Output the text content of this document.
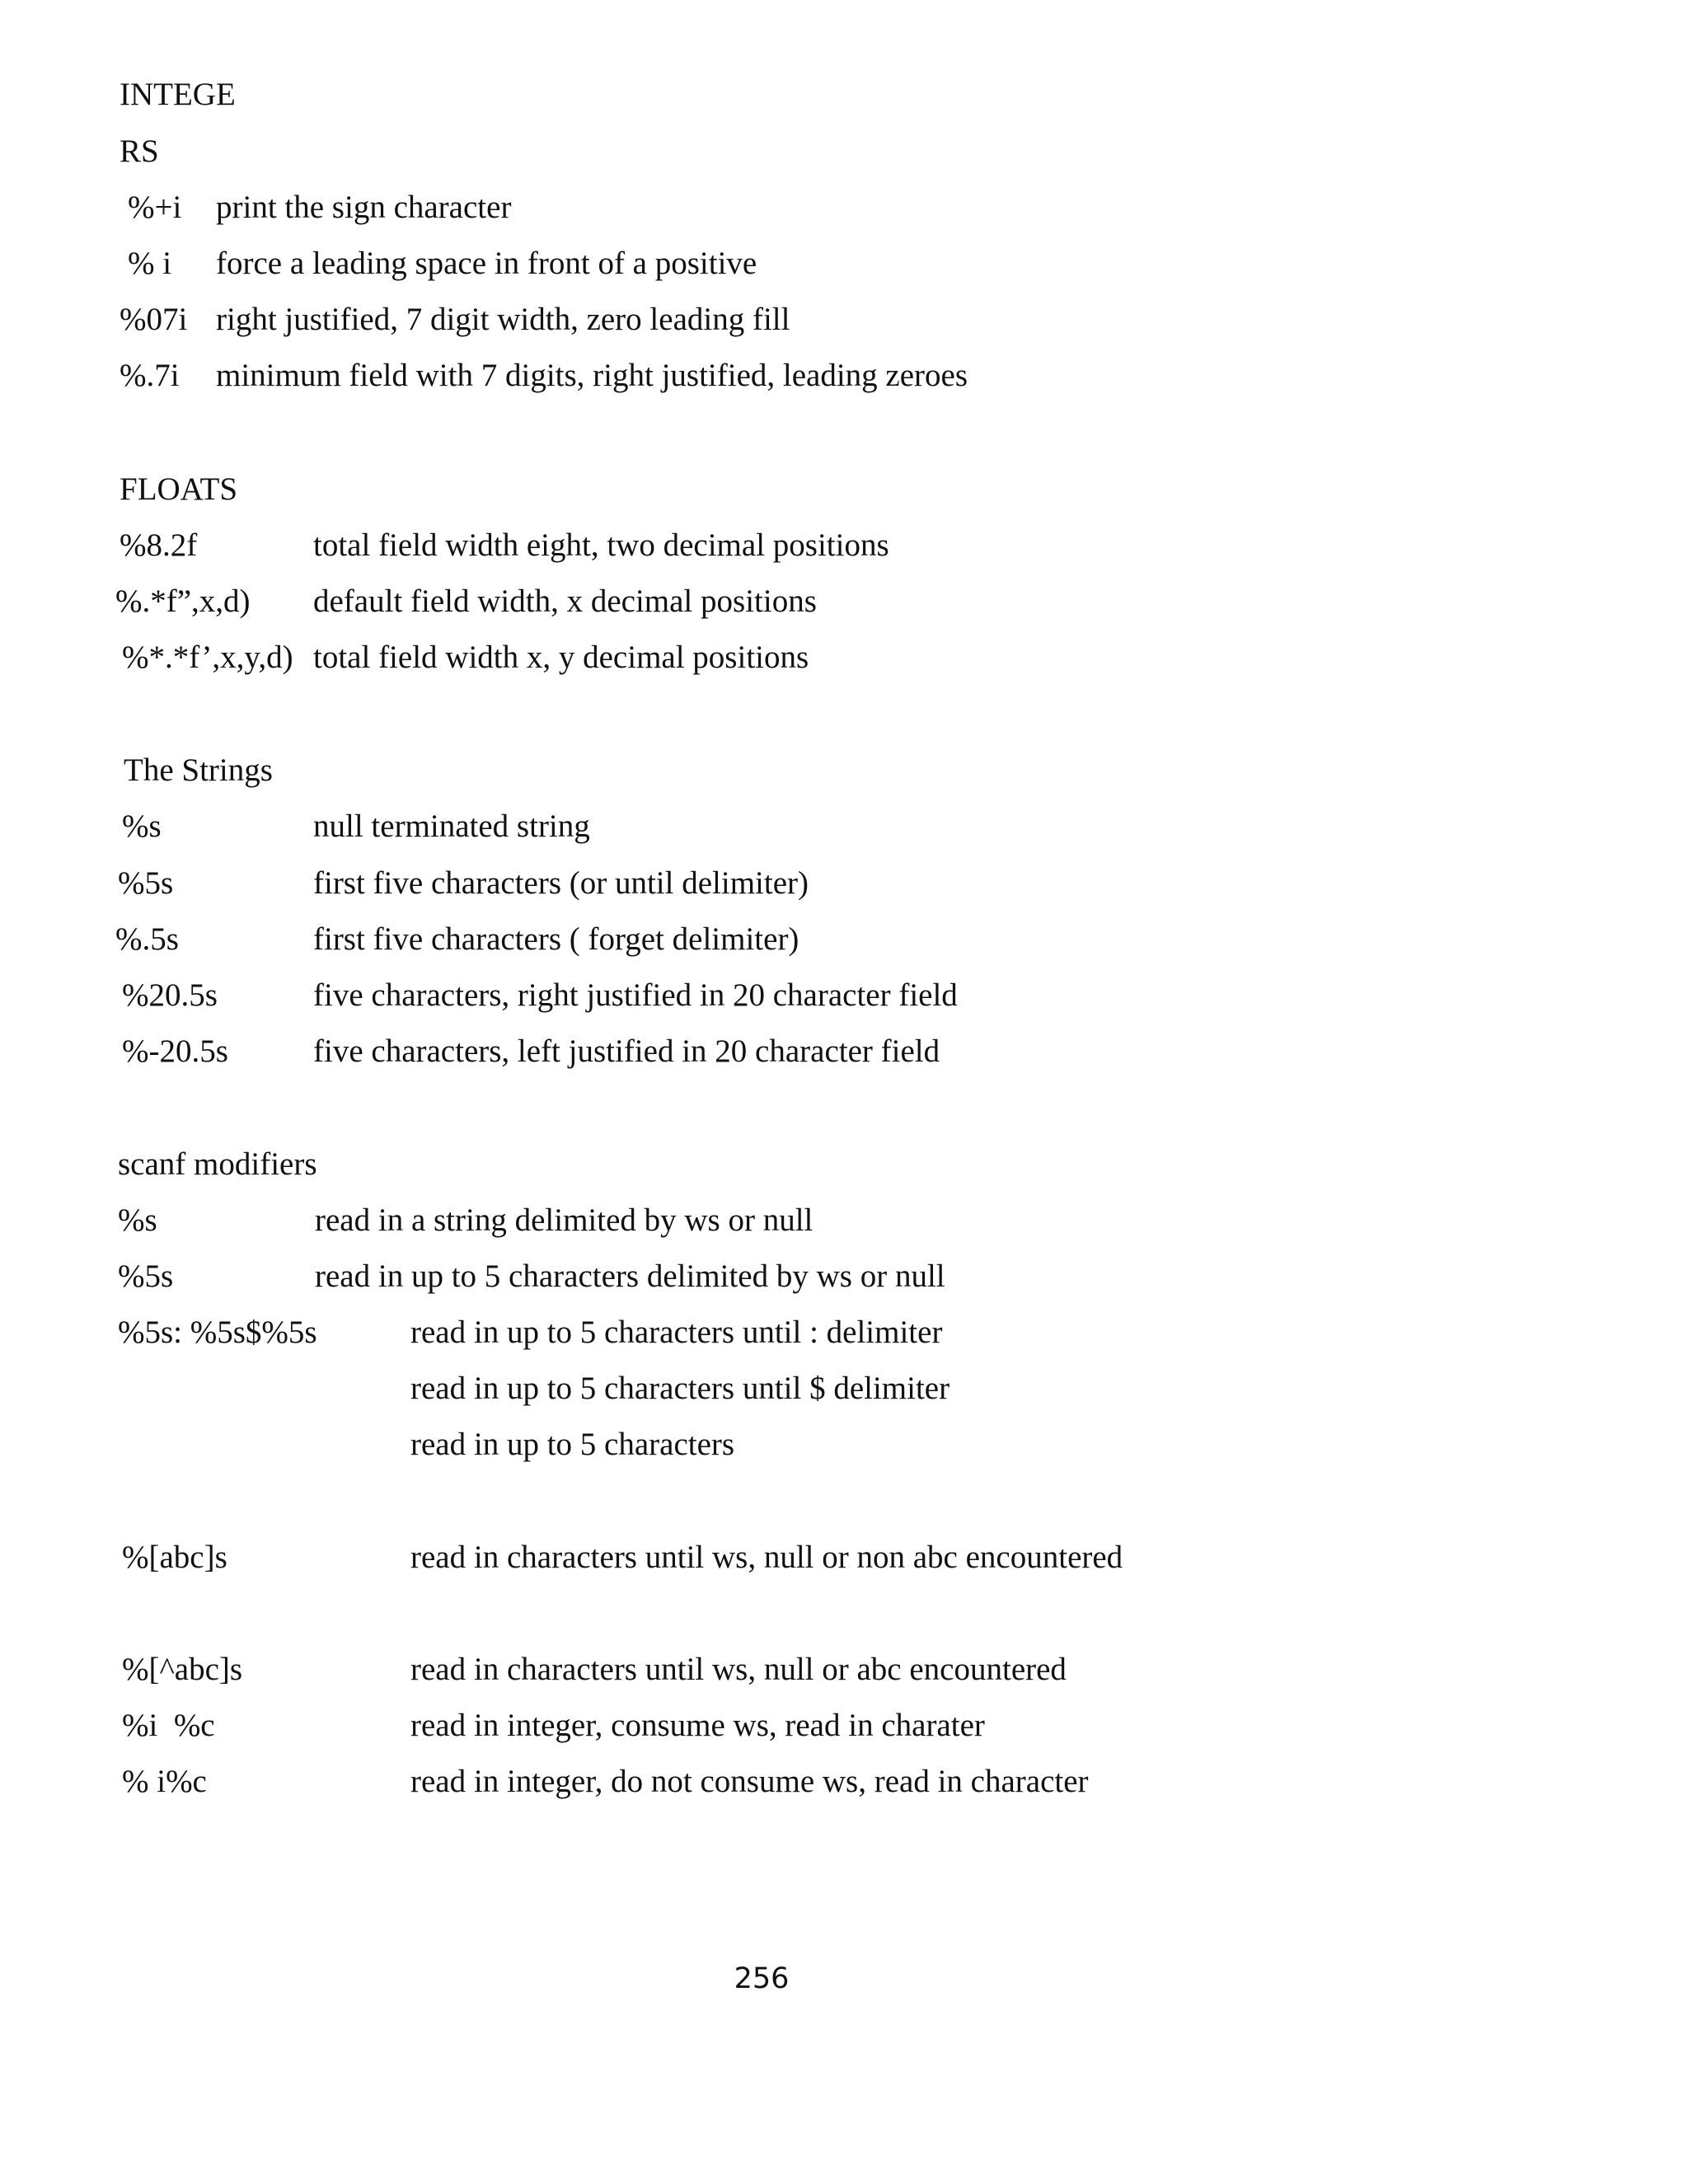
INTEGE
RS
%+i print the sign character
% i force a leading space in front of a positive
%07i right justified, 7 digit width, zero leading fill
%.7i minimum field with 7 digits, right justified, leading zeroes
FLOATS
%8.2f	total field width eight, two decimal positions
%.*f”,x,d) default field width, x decimal positions
%*.*f’,x,y,d) total field width x, y decimal positions
The Strings
%s	null terminated string
%5s	first five characters (or until delimiter)
%.5s	first five characters ( forget delimiter)
%20.5s	five characters, right justified in 20 character field
%-20.5s	five characters, left justified in 20 character field
scanf modifiers
%s	read in a string delimited by ws or null
%5s	read in up to 5 characters delimited by ws or null
%5s: %5s$%5s	read in up to 5 characters until : delimiter
read in up to 5 characters until $ delimiter
read in up to 5 characters
%[abc]s	read in characters until ws, null or non abc encountered
%[^abc]s	read in characters until ws, null or abc encountered
%i  %c	read in integer, consume ws, read in charater
% i%c	read in integer, do not consume ws, read in character
256
